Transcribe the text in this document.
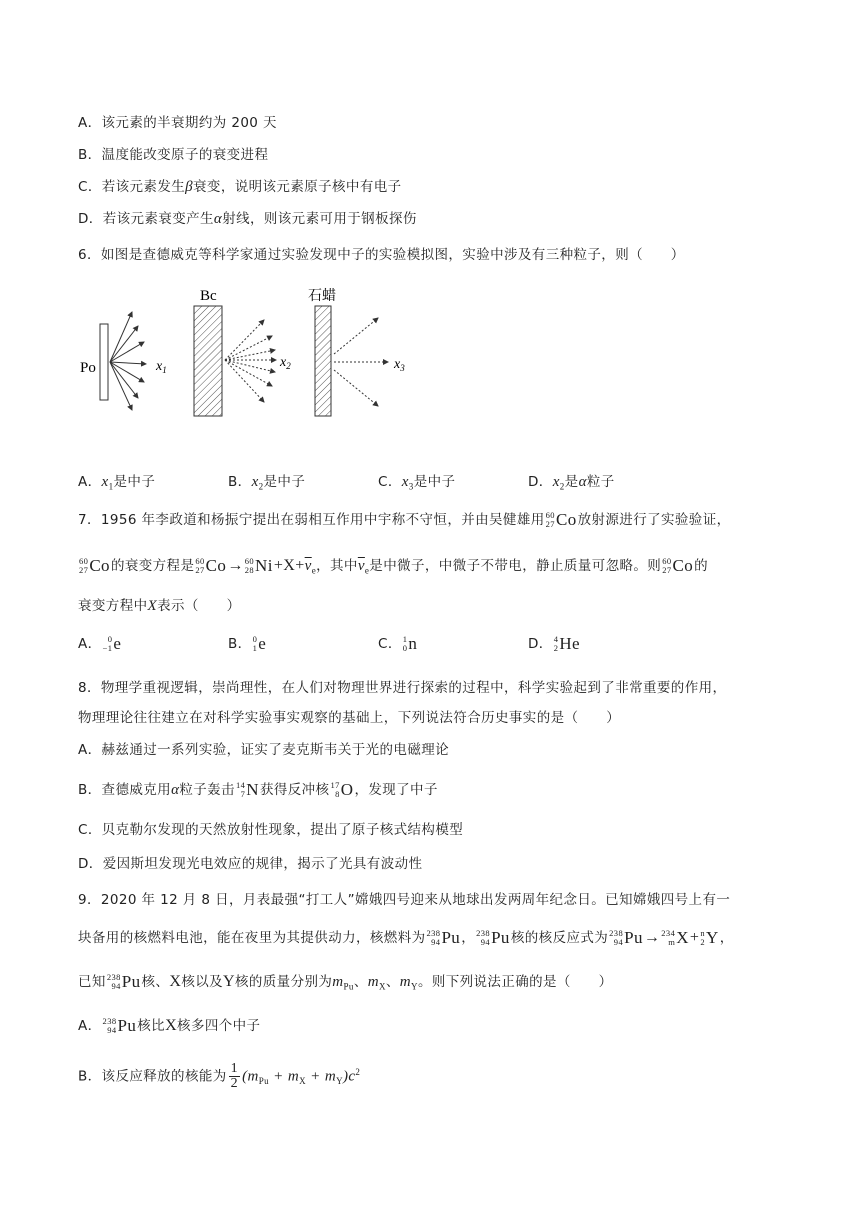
A．该元素的半衰期约为 200 天
B．温度能改变原子的衰变进程
C．若该元素发生β衰变，说明该元素原子核中有电子
D．若该元素衰变产生α射线，则该元素可用于钢板探伤
6．如图是查德威克等科学家通过实验发现中子的实验模拟图，实验中涉及有三种粒子，则（　　）
Po	$x_1$
Bc
$x_2$
石蜡
$x_3$
A．$x_1$是中子	B．$x_2$是中子	C．$x_3$是中子	D．$x_2$是α粒子
7．1956 年李政道和杨振宁提出在弱相互作用中宇称不守恒，并由吴健雄用 60
27 Co 放射源进行了实验验证，
60
27 Co 的衰变方程是 60
27 Co → 60
28 $Ni +X+\overline{v}_e$，其中$\overline{v}_e$是中微子，中微子不带电，静止质量可忽略。则 60
27 Co 的
衰变方程中X表示（　　）
A． 0
−1 e	B． 0
1 e	C． 1
0 n	D． 4
2 He
8．物理学重视逻辑，崇尚理性，在人们对物理世界进行探索的过程中，科学实验起到了非常重要的作用，
物理理论往往建立在对科学实验事实观察的基础上，下列说法符合历史事实的是（　　）
A．赫兹通过一系列实验，证实了麦克斯韦关于光的电磁理论
B．查德威克用α粒子轰击 14
7 N 获得反冲核 17
8 O ，发现了中子
C．贝克勒尔发现的天然放射性现象，提出了原子核式结构模型
D．爱因斯坦发现光电效应的规律，揭示了光具有波动性
9．2020 年 12 月 8 日，月表最强“打工人”嫦娥四号迎来从地球出发两周年纪念日。已知嫦娥四号上有一
块备用的核燃料电池，能在夜里为其提供动力，核燃料为 238
94 Pu ， 238
94 Pu 核的核反应式为 238
94 Pu → 234
m X + n
2 Y ，
已知 238
94 Pu 核、X核以及Y核的质量分别为$m_{Pu}$、$m_X$、$m_Y$。则下列说法正确的是（　　）
A． 238
94 Pu 核比X核多四个中子
B．该反应释放的核能为 $\frac{1}{2} (m_{Pu} + m_X + m_Y)c^2$
